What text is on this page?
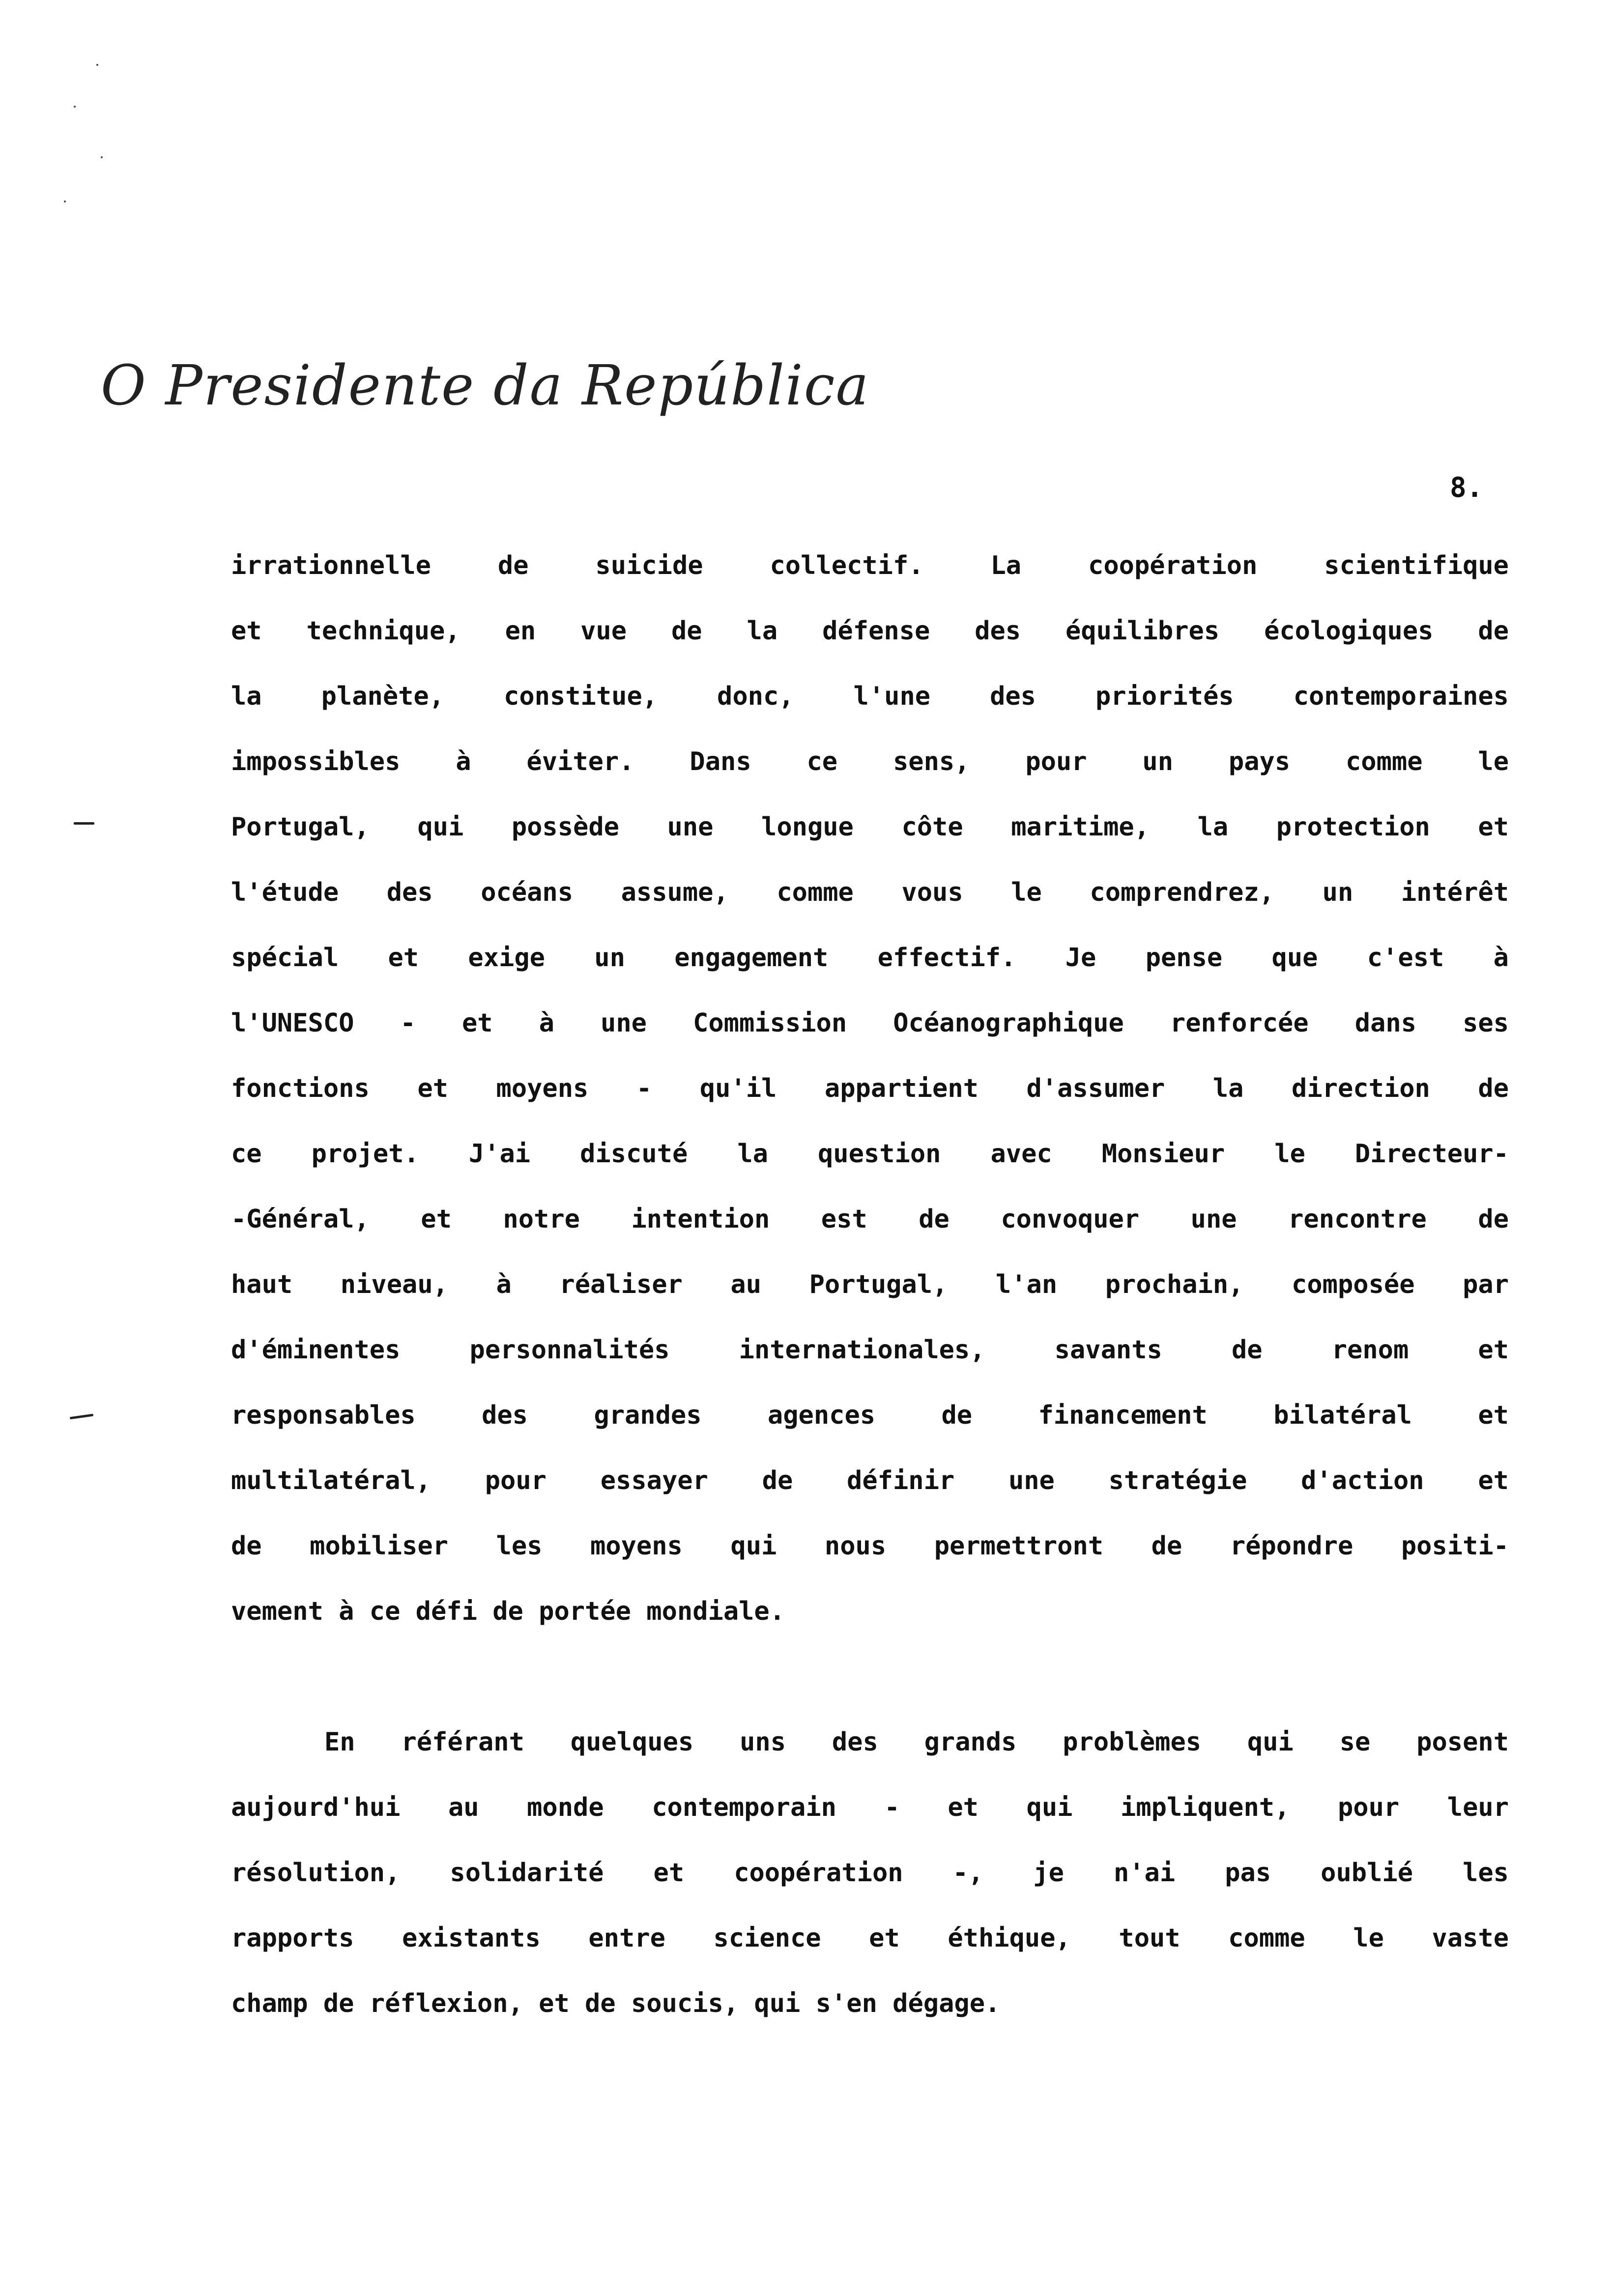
O Presidente da República
8.
irrationnelle de suicide collectif. La coopération scientifique
et technique, en vue de la défense des équilibres écologiques de
la planète, constitue, donc, l'une des priorités contemporaines
impossibles à éviter. Dans ce sens, pour un pays comme le
Portugal, qui possède une longue côte maritime, la protection et
l'étude des océans assume, comme vous le comprendrez, un intérêt
spécial et exige un engagement effectif. Je pense que c'est à
l'UNESCO - et à une Commission Océanographique renforcée dans ses
fonctions et moyens - qu'il appartient d'assumer la direction de
ce projet. J'ai discuté la question avec Monsieur le Directeur-
-Général, et notre intention est de convoquer une rencontre de
haut niveau, à réaliser au Portugal, l'an prochain, composée par
d'éminentes personnalités internationales, savants de renom et
responsables des grandes agences de financement bilatéral et
multilatéral, pour essayer de définir une stratégie d'action et
de mobiliser les moyens qui nous permettront de répondre positi-
vement à ce défi de portée mondiale.
En référant quelques uns des grands problèmes qui se posent
aujourd'hui au monde contemporain - et qui impliquent, pour leur
résolution, solidarité et coopération -, je n'ai pas oublié les
rapports existants entre science et éthique, tout comme le vaste
champ de réflexion, et de soucis, qui s'en dégage.
